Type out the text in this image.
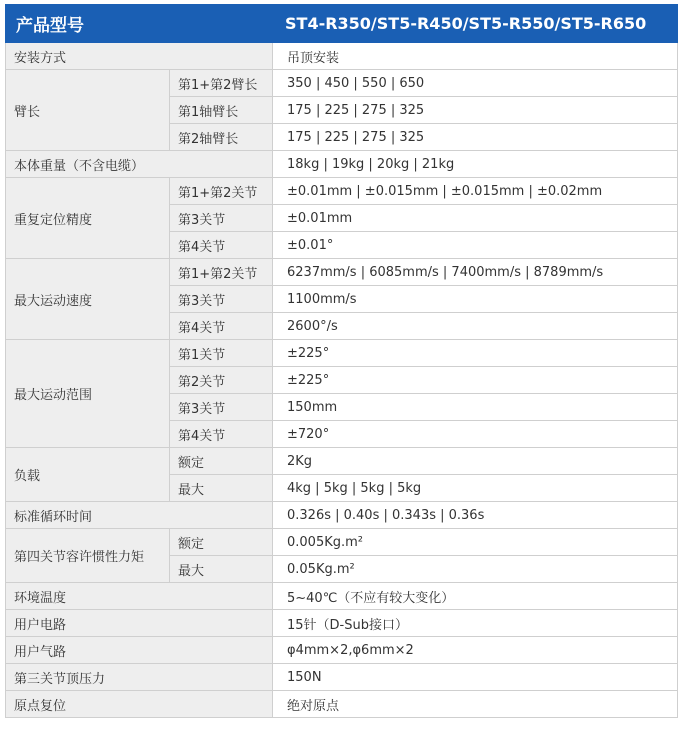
产品型号		ST4-R350/ST5-R450/ST5-R550/ST5-R650
安装方式		吊顶安装
臂长	第1+第2臂长	350 | 450 | 550 | 650
	第1轴臂长	175 | 225 | 275 | 325
	第2轴臂长	175 | 225 | 275 | 325
本体重量（不含电缆）		18kg | 19kg | 20kg | 21kg
重复定位精度	第1+第2关节	±0.01mm | ±0.015mm | ±0.015mm | ±0.02mm
	第3关节	±0.01mm
	第4关节	±0.01°
最大运动速度	第1+第2关节	6237mm/s | 6085mm/s | 7400mm/s | 8789mm/s
	第3关节	1100mm/s
	第4关节	2600°/s
最大运动范围	第1关节	±225°
	第2关节	±225°
	第3关节	150mm
	第4关节	±720°
负载	额定	2Kg
	最大	4kg | 5kg | 5kg | 5kg
标准循环时间		0.326s | 0.40s | 0.343s | 0.36s
第四关节容许惯性力矩	额定	0.005Kg.m²
	最大	0.05Kg.m²
环境温度		5~40℃（不应有较大变化）
用户电路		15针（D-Sub接口）
用户气路		φ4mm×2,φ6mm×2
第三关节顶压力		150N
原点复位		绝对原点
